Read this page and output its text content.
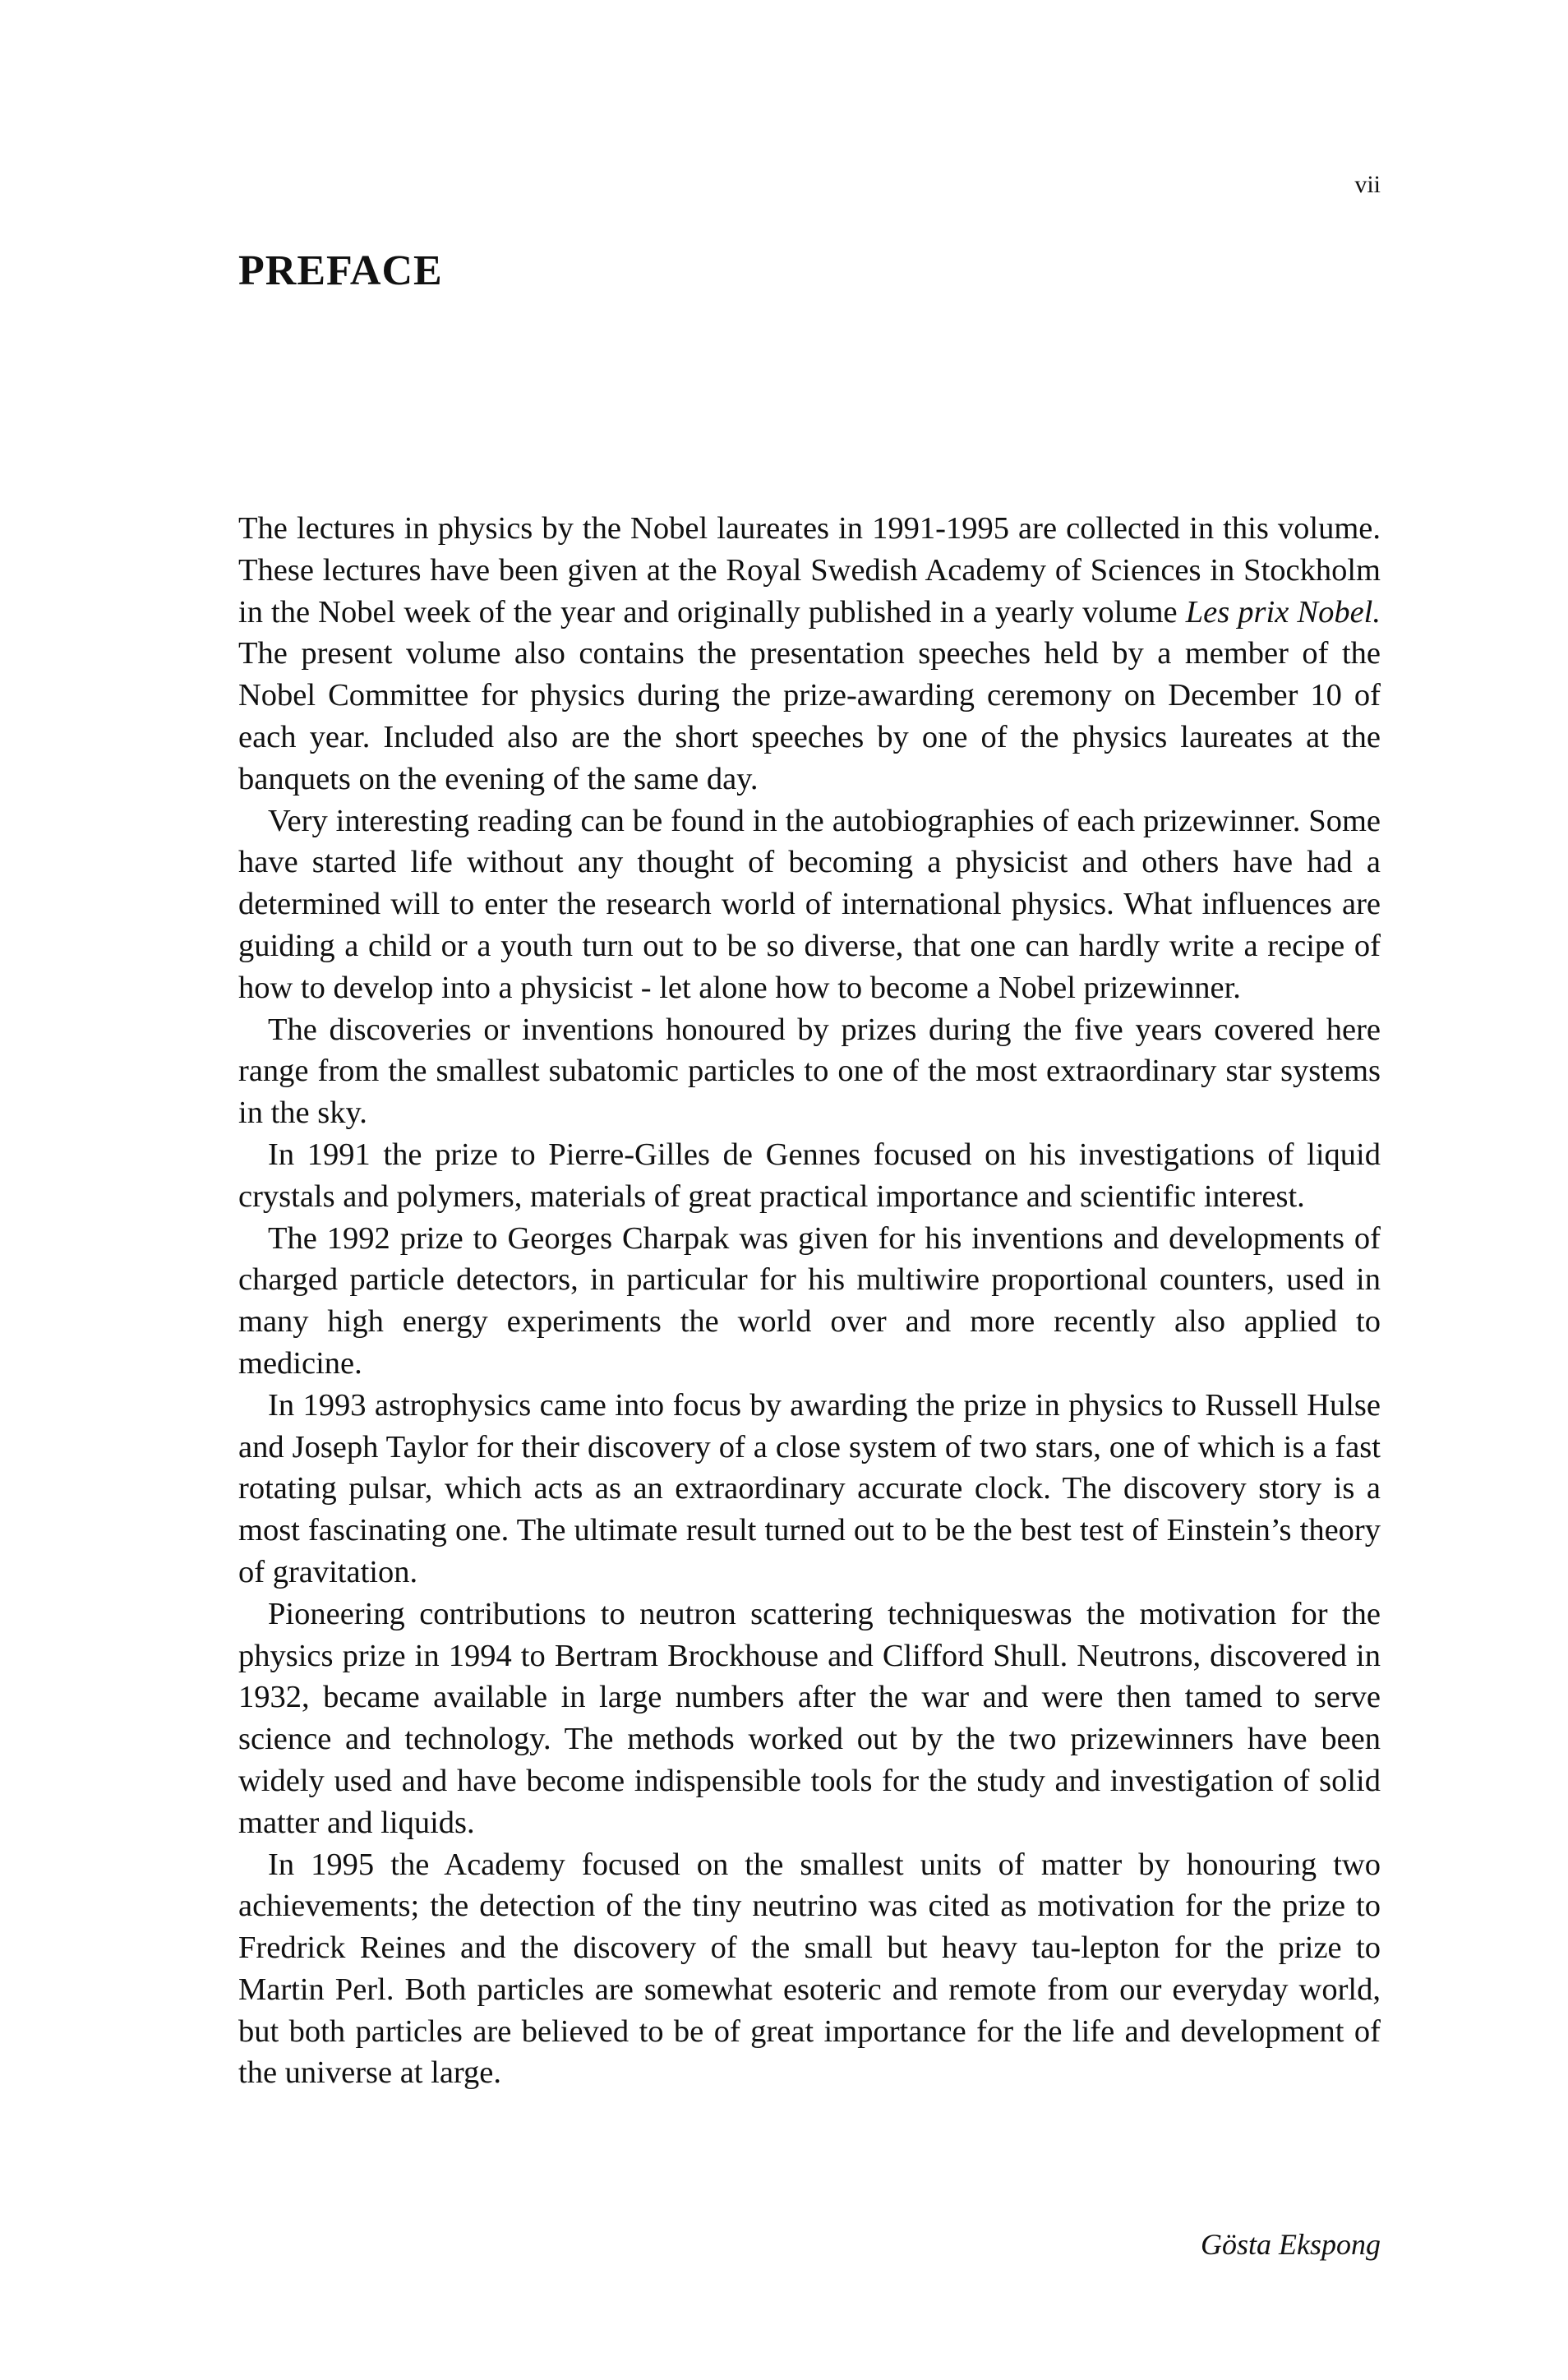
vii
PREFACE

The lectures in physics by the Nobel laureates in 1991-1995 are collected in this volume. These lectures have been given at the Royal Swedish Academy of Sciences in Stockholm in the Nobel week of the year and originally published in a yearly volume Les prix Nobel. The present volume also contains the presentation speeches held by a member of the Nobel Committee for physics during the prize-awarding ceremony on December 10 of each year. Included also are the short speeches by one of the physics laureates at the banquets on the evening of the same day.

Very interesting reading can be found in the autobiographies of each prizewinner. Some have started life without any thought of becoming a physicist and others have had a determined will to enter the research world of international physics. What influences are guiding a child or a youth turn out to be so diverse, that one can hardly write a recipe of how to develop into a physicist - let alone how to become a Nobel prizewinner.

The discoveries or inventions honoured by prizes during the five years covered here range from the smallest subatomic particles to one of the most extraordinary star systems in the sky.

In 1991 the prize to Pierre-Gilles de Gennes focused on his investigations of liquid crystals and polymers, materials of great practical importance and scientific interest.

The 1992 prize to Georges Charpak was given for his inventions and developments of charged particle detectors, in particular for his multiwire proportional counters, used in many high energy experiments the world over and more recently also applied to medicine.

In 1993 astrophysics came into focus by awarding the prize in physics to Russell Hulse and Joseph Taylor for their discovery of a close system of two stars, one of which is a fast rotating pulsar, which acts as an extraordinary accurate clock. The discovery story is a most fascinating one. The ultimate result turned out to be the best test of Einstein’s theory of gravitation.

Pioneering contributions to neutron scattering techniqueswas the motivation for the physics prize in 1994 to Bertram Brockhouse and Clifford Shull. Neutrons, discovered in 1932, became available in large numbers after the war and were then tamed to serve science and technology. The methods worked out by the two prizewinners have been widely used and have become indispensible tools for the study and investigation of solid matter and liquids.

In 1995 the Academy focused on the smallest units of matter by honouring two achievements; the detection of the tiny neutrino was cited as motivation for the prize to Fredrick Reines and the discovery of the small but heavy tau-lepton for the prize to Martin Perl. Both particles are somewhat esoteric and remote from our everyday world, but both particles are believed to be of great importance for the life and development of the universe at large.

Gösta Ekspong
